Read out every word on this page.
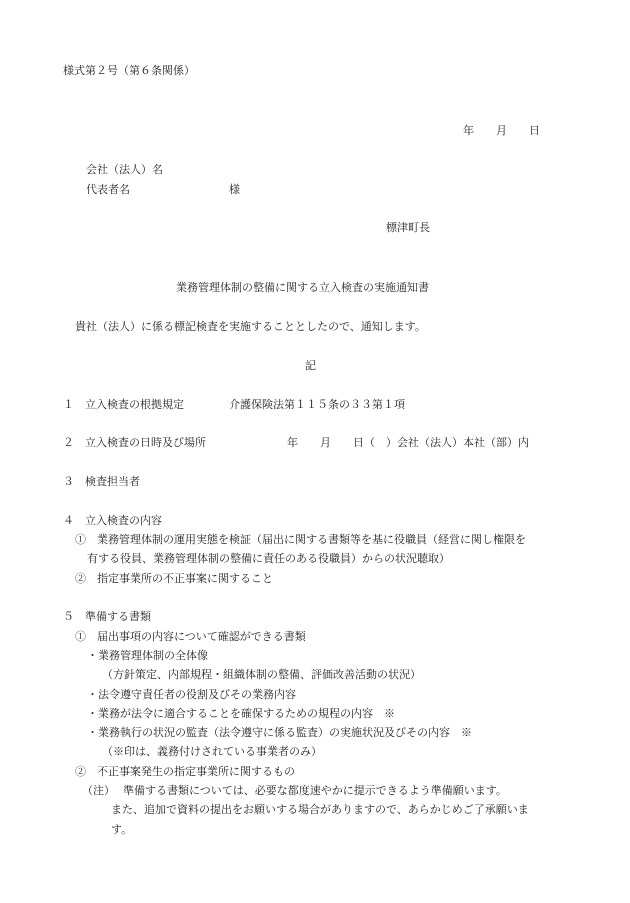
様式第２号（第６条関係）
年　　月　　日
会社（法人）名
代表者名	様
標津町長
業務管理体制の整備に関する立入検査の実施通知書
貴社（法人）に係る標記検査を実施することとしたので、通知します。
記
１　立入検査の根拠規定	介護保険法第１１５条の３３第１項
２　立入検査の日時及び場所	年　　月　　日（　）会社（法人）本社（部）内
３　検査担当者
４　立入検査の内容
①　業務管理体制の運用実態を検証（届出に関する書類等を基に役職員（経営に関し権限を
有する役員、業務管理体制の整備に責任のある役職員）からの状況聴取）
②　指定事業所の不正事案に関すること
５　準備する書類
①　届出事項の内容について確認ができる書類
・業務管理体制の全体像
（方針策定、内部規程・組織体制の整備、評価改善活動の状況）
・法令遵守責任者の役割及びその業務内容
・業務が法令に適合することを確保するための規程の内容　※
・業務執行の状況の監査（法令遵守に係る監査）の実施状況及びその内容　※
（※印は、義務付けされている事業者のみ）
②　不正事案発生の指定事業所に関するもの
（注） 準備する書類については、必要な都度速やかに提示できるよう準備願います。
また、追加で資料の提出をお願いする場合がありますので、あらかじめご了承願いま
す。
